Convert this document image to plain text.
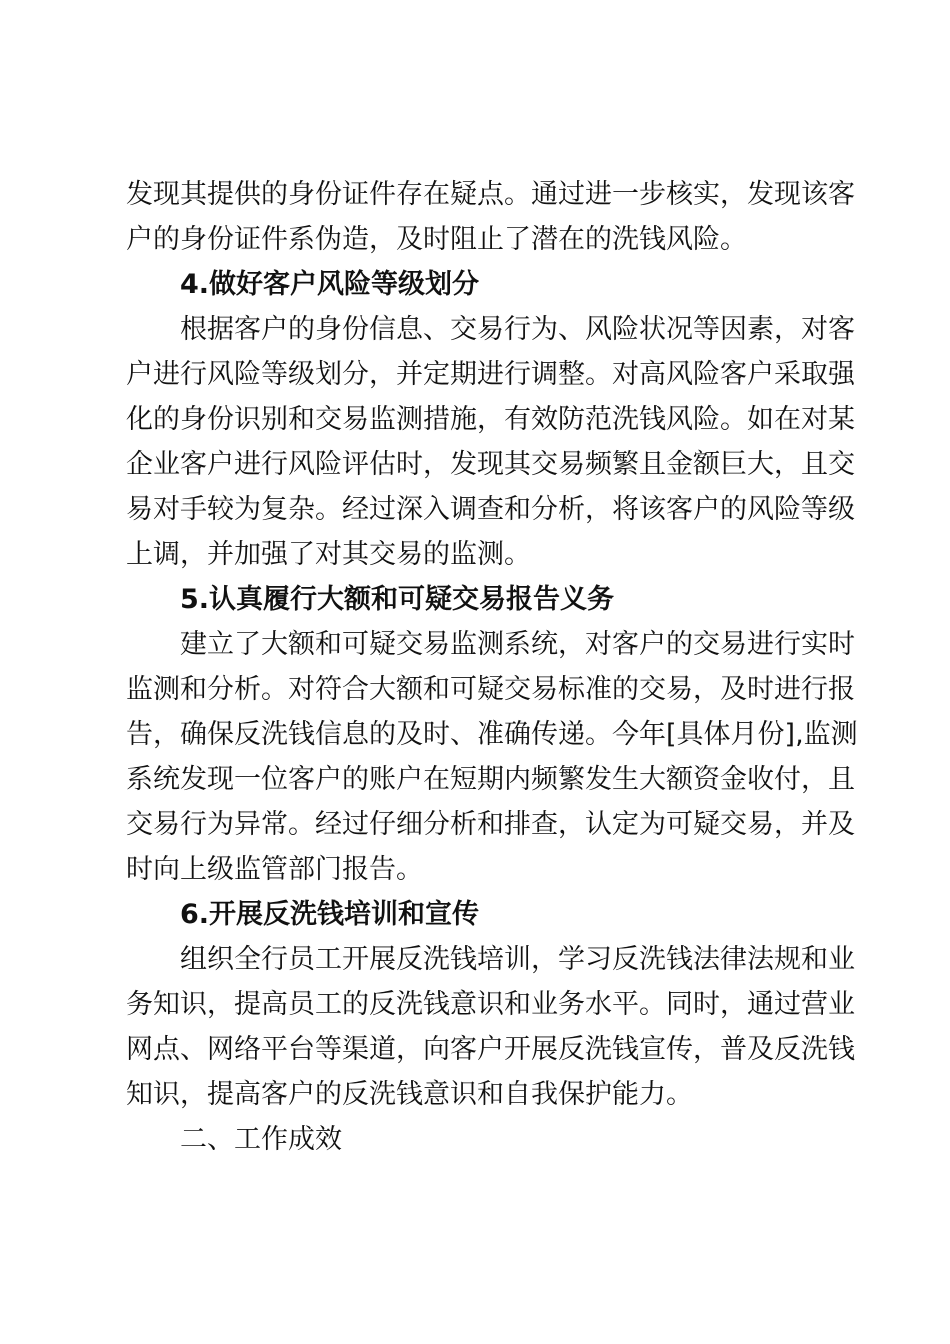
发现其提供的身份证件存在疑点。通过进一步核实，发现该客
户的身份证件系伪造，及时阻止了潜在的洗钱风险。
4.做好客户风险等级划分
根据客户的身份信息、交易行为、风险状况等因素，对客
户进行风险等级划分，并定期进行调整。对高风险客户采取强
化的身份识别和交易监测措施，有效防范洗钱风险。如在对某
企业客户进行风险评估时，发现其交易频繁且金额巨大，且交
易对手较为复杂。经过深入调查和分析，将该客户的风险等级
上调，并加强了对其交易的监测。
5.认真履行大额和可疑交易报告义务
建立了大额和可疑交易监测系统，对客户的交易进行实时
监测和分析。对符合大额和可疑交易标准的交易，及时进行报
告，确保反洗钱信息的及时、准确传递。今年[具体月份],监测
系统发现一位客户的账户在短期内频繁发生大额资金收付，且
交易行为异常。经过仔细分析和排查，认定为可疑交易，并及
时向上级监管部门报告。
6.开展反洗钱培训和宣传
组织全行员工开展反洗钱培训，学习反洗钱法律法规和业
务知识，提高员工的反洗钱意识和业务水平。同时，通过营业
网点、网络平台等渠道，向客户开展反洗钱宣传，普及反洗钱
知识，提高客户的反洗钱意识和自我保护能力。
二、工作成效
